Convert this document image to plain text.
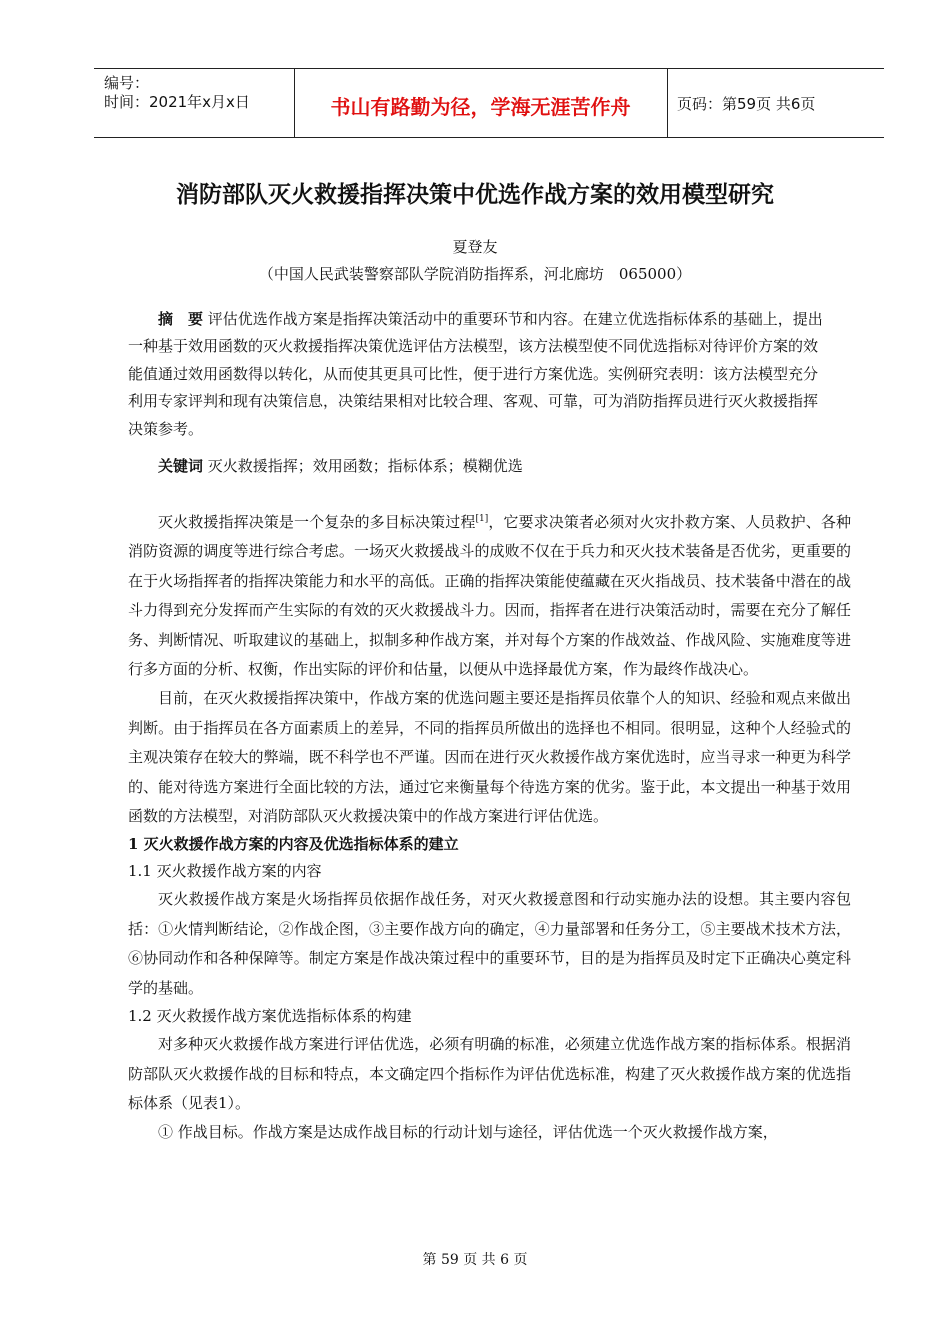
编号：
时间：2021年x月x日	书山有路勤为径，学海无涯苦作舟	页码：第59页 共6页
消防部队灭火救援指挥决策中优选作战方案的效用模型研究
夏登友
（中国人民武装警察部队学院消防指挥系，河北廊坊　065000）
摘　要 评估优选作战方案是指挥决策活动中的重要环节和内容。在建立优选指标体系的基础上，提出一种基于效用函数的灭火救援指挥决策优选评估方法模型，该方法模型使不同优选指标对待评价方案的效能值通过效用函数得以转化，从而使其更具可比性，便于进行方案优选。实例研究表明：该方法模型充分利用专家评判和现有决策信息，决策结果相对比较合理、客观、可靠，可为消防指挥员进行灭火救援指挥决策参考。
关键词 灭火救援指挥；效用函数；指标体系；模糊优选

灭火救援指挥决策是一个复杂的多目标决策过程[1]，它要求决策者必须对火灾扑救方案、人员救护、各种消防资源的调度等进行综合考虑。一场灭火救援战斗的成败不仅在于兵力和灭火技术装备是否优劣，更重要的在于火场指挥者的指挥决策能力和水平的高低。正确的指挥决策能使蕴藏在灭火指战员、技术装备中潜在的战斗力得到充分发挥而产生实际的有效的灭火救援战斗力。因而，指挥者在进行决策活动时，需要在充分了解任务、判断情况、听取建议的基础上，拟制多种作战方案，并对每个方案的作战效益、作战风险、实施难度等进行多方面的分析、权衡，作出实际的评价和估量，以便从中选择最优方案，作为最终作战决心。

目前，在灭火救援指挥决策中，作战方案的优选问题主要还是指挥员依靠个人的知识、经验和观点来做出判断。由于指挥员在各方面素质上的差异，不同的指挥员所做出的选择也不相同。很明显，这种个人经验式的主观决策存在较大的弊端，既不科学也不严谨。因而在进行灭火救援作战方案优选时，应当寻求一种更为科学的、能对待选方案进行全面比较的方法，通过它来衡量每个待选方案的优劣。鉴于此，本文提出一种基于效用函数的方法模型，对消防部队灭火救援决策中的作战方案进行评估优选。

1 灭火救援作战方案的内容及优选指标体系的建立

1.1 灭火救援作战方案的内容

灭火救援作战方案是火场指挥员依据作战任务，对灭火救援意图和行动实施办法的设想。其主要内容包括：①火情判断结论，②作战企图，③主要作战方向的确定，④力量部署和任务分工，⑤主要战术技术方法，⑥协同动作和各种保障等。制定方案是作战决策过程中的重要环节，目的是为指挥员及时定下正确决心奠定科学的基础。

1.2 灭火救援作战方案优选指标体系的构建

对多种灭火救援作战方案进行评估优选，必须有明确的标准，必须建立优选作战方案的指标体系。根据消防部队灭火救援作战的目标和特点，本文确定四个指标作为评估优选标准，构建了灭火救援作战方案的优选指标体系（见表1）。

① 作战目标。作战方案是达成作战目标的行动计划与途径，评估优选一个灭火救援作战方案，

第 59 页 共 6 页
